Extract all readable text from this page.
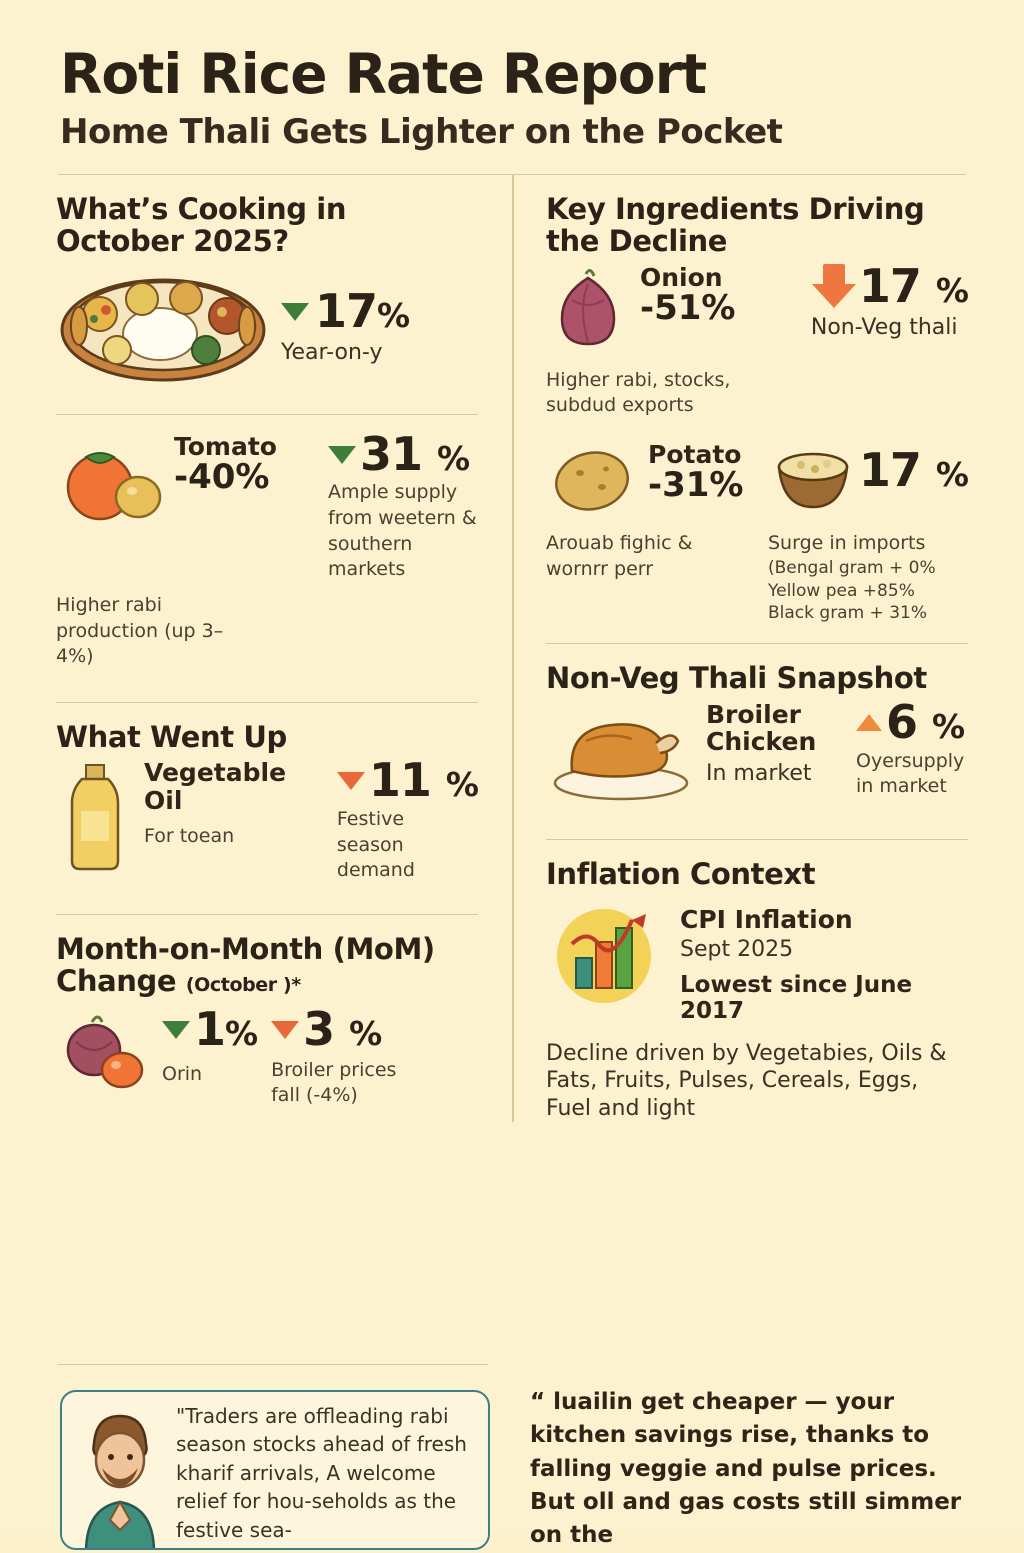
Roti Rice Rate Report
Home Thali Gets Lighter on the Pocket
What’s Cooking in October 2025?
17%
Year-on-y
Tomato
-40% 31 %
Ample supply from weetern & southern markets
Higher rabi production (up 3–4%)
What Went Up
Vegetable Oil
For toean
11 %
Festive season demand
Month-on-Month (MoM) Change (October )*
1%
Orin
3 %
Broiler prices fall (-4%)
Key Ingredients Driving the Decline
Onion
-51%	17 %
Non-Veg thali
Higher rabi, stocks, subdud exports
Potato
-31%	17 %
Arouab fighic & wornrr perr
Surge in imports
(Bengal gram + 0%
Yellow pea +85%
Black gram + 31%
Non-Veg Thali Snapshot
Broiler Chicken
In market
6 %
Oyersupply in market
Inflation Context
CPI Inflation
Sept 2025
Lowest since June 2017
Decline driven by Vegetabies, Oils & Fats, Fruits, Pulses, Cereals, Eggs, Fuel and light
"Traders are offleading rabi season stocks ahead of fresh kharif arrivals, A welcome relief for hou-seholds as the festive sea-
“ luailin get cheaper — your kitchen savings rise, thanks to falling veggie and pulse prices. But oll and gas costs still simmer on the
